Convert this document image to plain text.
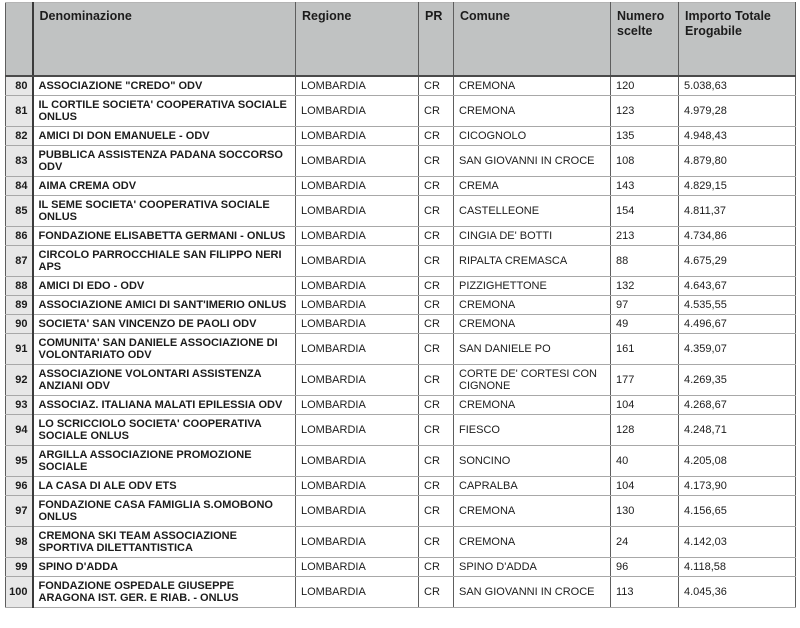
	Denominazione	Regione	PR	Comune	Numero scelte	Importo Totale Erogabile
80	ASSOCIAZIONE "CREDO" ODV	LOMBARDIA	CR	CREMONA	120	5.038,63
81	IL CORTILE SOCIETA' COOPERATIVA SOCIALE ONLUS	LOMBARDIA	CR	CREMONA	123	4.979,28
82	AMICI DI DON EMANUELE - ODV	LOMBARDIA	CR	CICOGNOLO	135	4.948,43
83	PUBBLICA ASSISTENZA PADANA SOCCORSO ODV	LOMBARDIA	CR	SAN GIOVANNI IN CROCE	108	4.879,80
84	AIMA CREMA ODV	LOMBARDIA	CR	CREMA	143	4.829,15
85	IL SEME SOCIETA' COOPERATIVA SOCIALE ONLUS	LOMBARDIA	CR	CASTELLEONE	154	4.811,37
86	FONDAZIONE ELISABETTA GERMANI - ONLUS	LOMBARDIA	CR	CINGIA DE' BOTTI	213	4.734,86
87	CIRCOLO PARROCCHIALE SAN FILIPPO NERI APS	LOMBARDIA	CR	RIPALTA CREMASCA	88	4.675,29
88	AMICI DI EDO - ODV	LOMBARDIA	CR	PIZZIGHETTONE	132	4.643,67
89	ASSOCIAZIONE AMICI DI SANT'IMERIO ONLUS	LOMBARDIA	CR	CREMONA	97	4.535,55
90	SOCIETA' SAN VINCENZO DE PAOLI ODV	LOMBARDIA	CR	CREMONA	49	4.496,67
91	COMUNITA' SAN DANIELE ASSOCIAZIONE DI VOLONTARIATO ODV	LOMBARDIA	CR	SAN DANIELE PO	161	4.359,07
92	ASSOCIAZIONE VOLONTARI ASSISTENZA ANZIANI ODV	LOMBARDIA	CR	CORTE DE' CORTESI CON CIGNONE	177	4.269,35
93	ASSOCIAZ. ITALIANA MALATI EPILESSIA ODV	LOMBARDIA	CR	CREMONA	104	4.268,67
94	LO SCRICCIOLO SOCIETA' COOPERATIVA SOCIALE ONLUS	LOMBARDIA	CR	FIESCO	128	4.248,71
95	ARGILLA ASSOCIAZIONE PROMOZIONE SOCIALE	LOMBARDIA	CR	SONCINO	40	4.205,08
96	LA CASA DI ALE ODV ETS	LOMBARDIA	CR	CAPRALBA	104	4.173,90
97	FONDAZIONE CASA FAMIGLIA S.OMOBONO ONLUS	LOMBARDIA	CR	CREMONA	130	4.156,65
98	CREMONA SKI TEAM ASSOCIAZIONE SPORTIVA DILETTANTISTICA	LOMBARDIA	CR	CREMONA	24	4.142,03
99	SPINO D'ADDA	LOMBARDIA	CR	SPINO D'ADDA	96	4.118,58
100	FONDAZIONE OSPEDALE GIUSEPPE ARAGONA IST. GER. E RIAB. - ONLUS	LOMBARDIA	CR	SAN GIOVANNI IN CROCE	113	4.045,36
